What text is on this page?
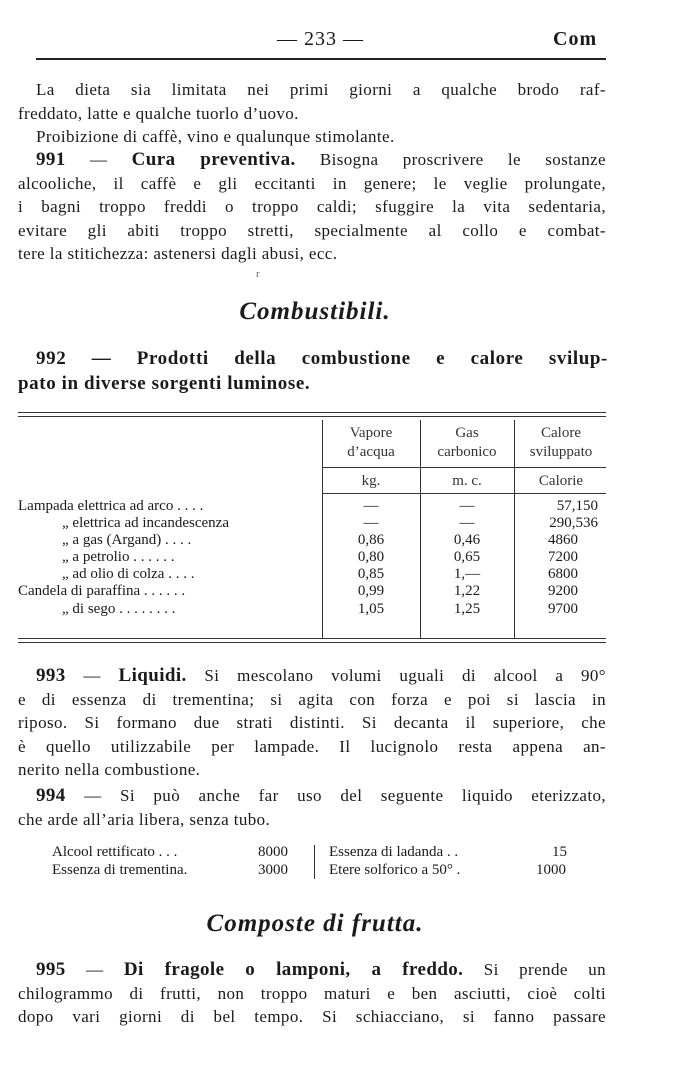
— 233 —	Com
La dieta sia limitata nei primi giorni a qualche brodo raf-
freddato, latte e qualche tuorlo d’uovo.
Proibizione di caffè, vino e qualunque stimolante.
991 — Cura preventiva. Bisogna proscrivere le sostanze
alcooliche, il caffè e gli eccitanti in genere; le veglie prolungate,
i bagni troppo freddi o troppo caldi; sfuggire la vita sedentaria,
evitare gli abiti troppo stretti, specialmente al collo e combat-
tere la stitichezza: astenersi dagli abusi, ecc.
r
Combustibili.
992 — Prodotti della combustione e calore svilup-
pato in diverse sorgenti luminose.
Vapore
d’acqua
Gas
carbonico
Calore
sviluppato
kg.	m. c.	Calorie
Lampada elettrica ad arco . . . .	—	—	57,150
„ elettrica ad incandescenza	—	—	290,536
„ a gas (Argand) . . . .	0,86	0,46	4860
„ a petrolio . . . . . .	0,80	0,65	7200
„ ad olio di colza . . . .	0,85	1,—	6800
Candela di paraffina . . . . . .	0,99	1,22	9200
„ di sego . . . . . . . .	1,05	1,25	9700
993 — Liquidi. Si mescolano volumi uguali di alcool a 90°
e di essenza di trementina; si agita con forza e poi si lascia in
riposo. Si formano due strati distinti. Si decanta il superiore, che
è quello utilizzabile per lampade. Il lucignolo resta appena an-
nerito nella combustione.
994 — Si può anche far uso del seguente liquido eterizzato,
che arde all’aria libera, senza tubo.
Alcool rettificato . . .	8000	Essenza di ladanda . .	15
Essenza di trementina.	3000	Etere solforico a 50° .	1000
Composte di frutta.
995 — Di fragole o lamponi, a freddo. Si prende un
chilogrammo di frutti, non troppo maturi e ben asciutti, cioè colti
dopo vari giorni di bel tempo. Si schiacciano, si fanno passare
